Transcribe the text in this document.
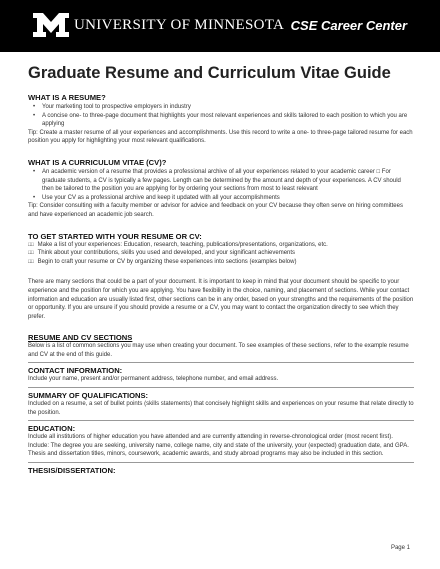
UNIVERSITY OF MINNESOTA CSE Career Center
Graduate Resume and Curriculum Vitae Guide

WHAT IS A RESUME?

• Your marketing tool to prospective employers in industry
• A concise one- to three-page document that highlights your most relevant experiences and skills tailored to each position to which you are applying

Tip: Create a master resume of all your experiences and accomplishments. Use this record to write a one- to three-page tailored resume for each position you apply for highlighting your most relevant qualifications.

WHAT IS A CURRICULUM VITAE (CV)?

• An academic version of a resume that provides a professional archive of all your experiences related to your academic career □ For graduate students, a CV is typically a few pages. Length can be determined by the amount and depth of your experiences. A CV should then be tailored to the position you are applying for by ordering your sections from most to least relevant
• Use your CV as a professional archive and keep it updated with all your accomplishments

Tip: Consider consulting with a faculty member or advisor for advice and feedback on your CV because they often serve on hiring committees and have experienced an academic job search.

TO GET STARTED WITH YOUR RESUME OR CV:

□□ Make a list of your experiences: Education, research, teaching, publications/presentations, organizations, etc.

□□ Think about your contributions, skills you used and developed, and your significant achievements

□□ Begin to craft your resume or CV by organizing these experiences into sections (examples below)

There are many sections that could be a part of your document. It is important to keep in mind that your document should be specific to your experience and the position for which you are applying. You have flexibility in the choice, naming, and placement of sections. While your contact information and education are usually listed first, other sections can be in any order, based on your strengths and the requirements of the position or opportunity. If you are unsure if you should provide a resume or a CV, you may want to contact the organization directly to see which they prefer.

RESUME AND CV SECTIONS

Below is a list of common sections you may use when creating your document. To see examples of these sections, refer to the example resume and CV at the end of this guide.

CONTACT INFORMATION:

Include your name, present and/or permanent address, telephone number, and email address.

SUMMARY OF QUALIFICATIONS:

Included on a resume, a set of bullet points (skills statements) that concisely highlight skills and experiences on your resume that relate directly to the position.

EDUCATION:

Include all institutions of higher education you have attended and are currently attending in reverse-chronological order (most recent first). Include: The degree you are seeking, university name, college name, city and state of the university, your (expected) graduation date, and GPA. Thesis and dissertation titles, minors, coursework, academic awards, and study abroad programs may also be included in this section.

THESIS/DISSERTATION:

Page 1
